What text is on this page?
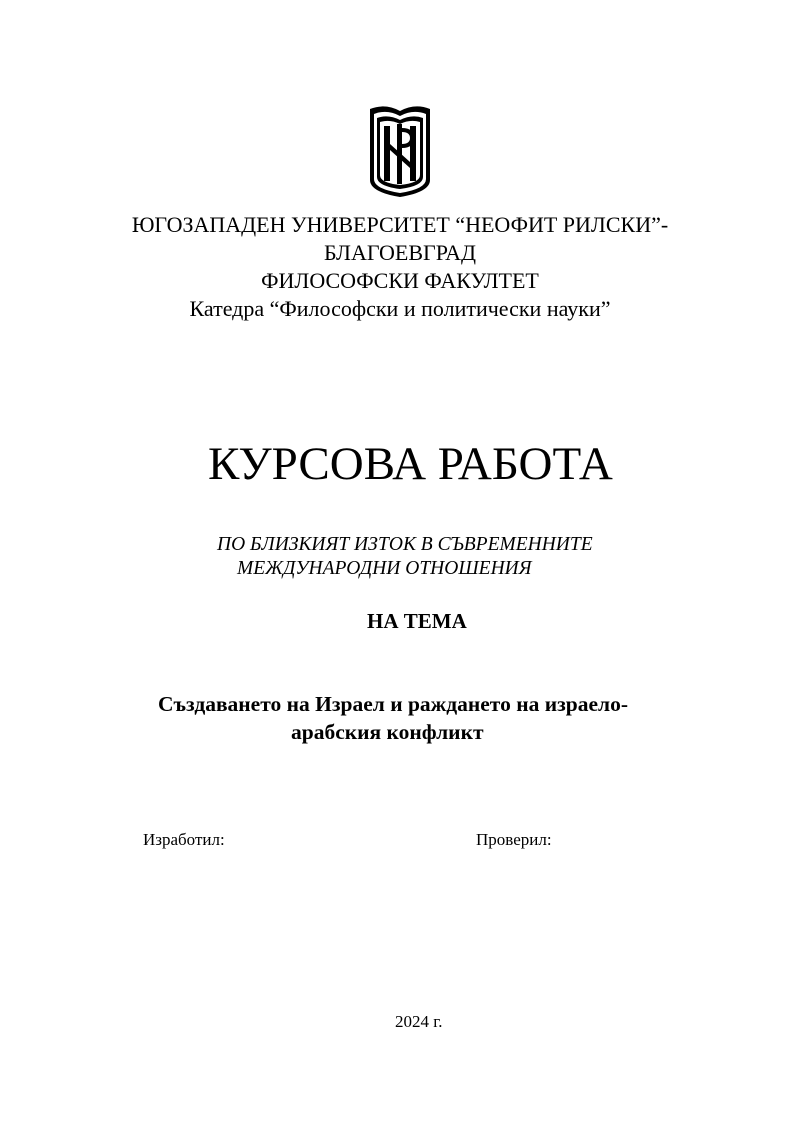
ЮГОЗАПАДЕН УНИВЕРСИТЕТ “НЕОФИТ РИЛСКИ”-
БЛАГОЕВГРАД
ФИЛОСОФСКИ ФАКУЛТЕТ
Катедра “Философски и политически науки”
КУРСОВА РАБОТА
ПО БЛИЗКИЯТ ИЗТОК В СЪВРЕМЕННИТЕ
МЕЖДУНАРОДНИ ОТНОШЕНИЯ
НА ТЕМА
Създаването на Израел и раждането на израело-
арабския конфликт
Изработил:	Проверил:
2024 г.
